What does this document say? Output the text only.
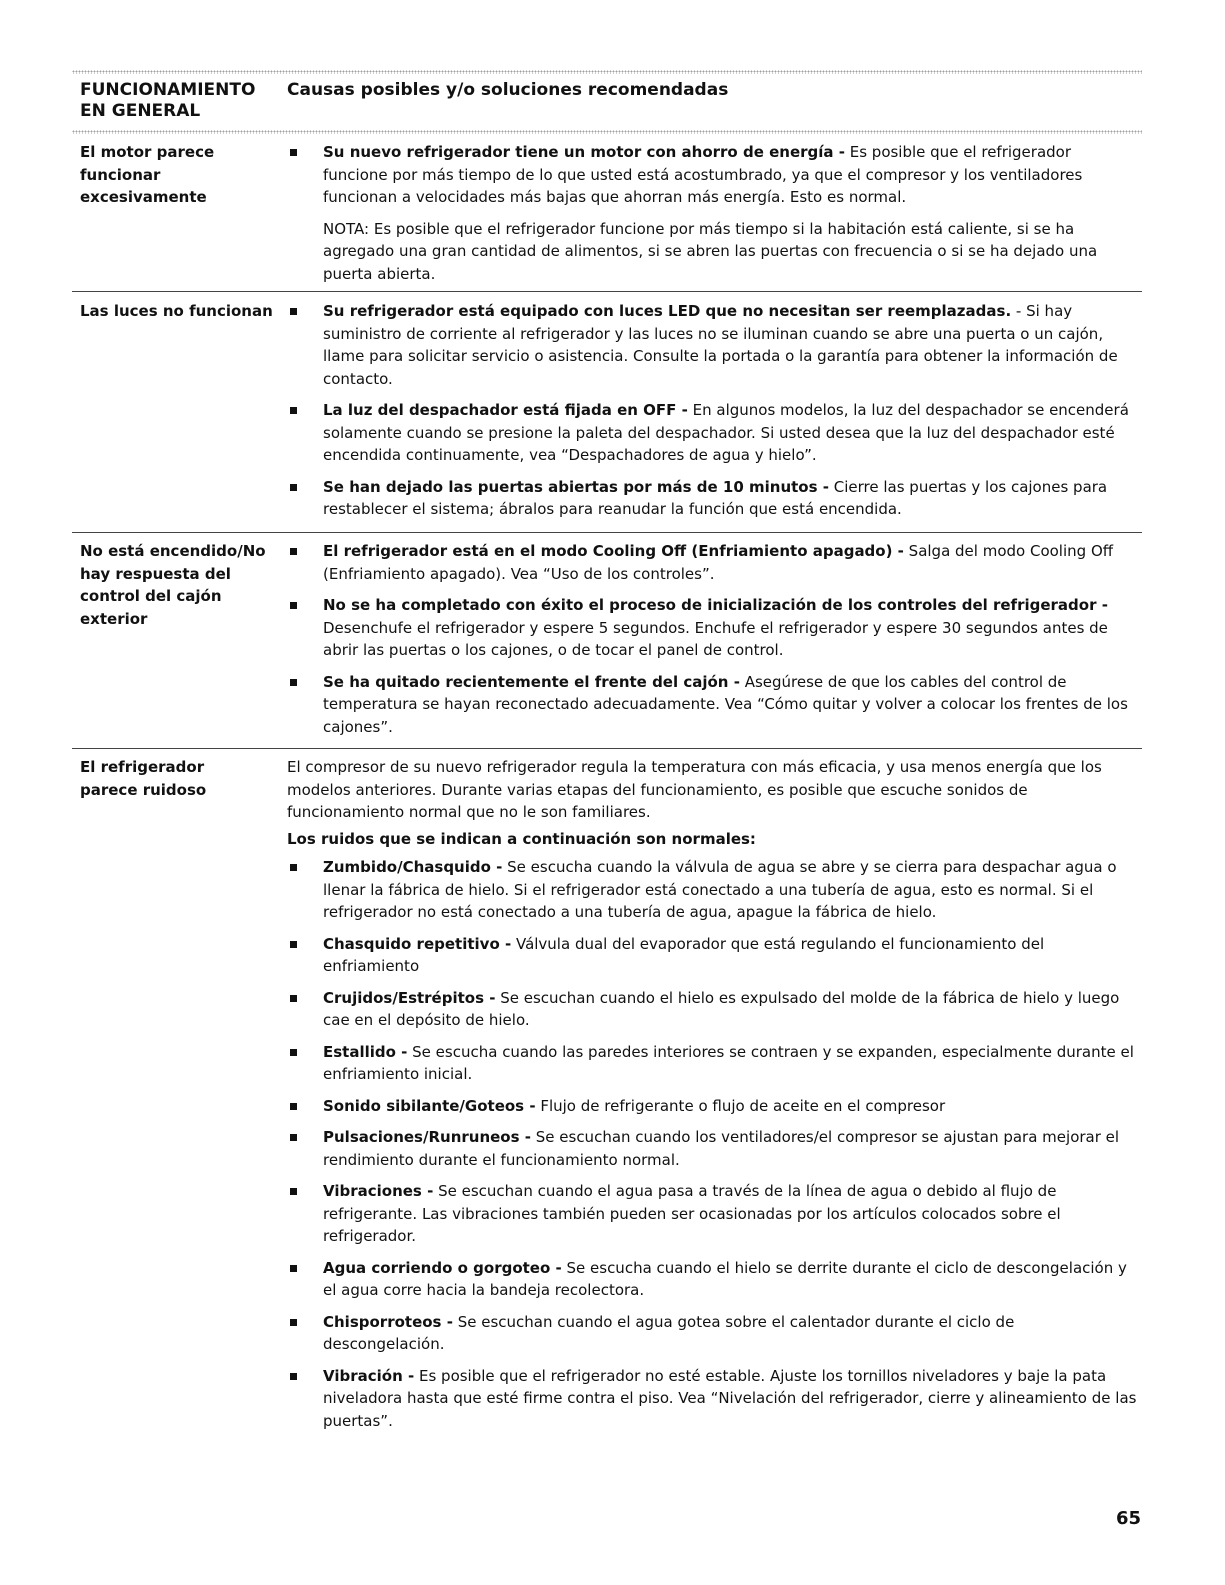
FUNCIONAMIENTO
EN GENERAL
Causas posibles y/o soluciones recomendadas
El motor parece
funcionar
excesivamente
Su nuevo refrigerador tiene un motor con ahorro de energía - Es posible que el refrigerador funcione por más tiempo de lo que usted está acostumbrado, ya que el compresor y los ventiladores funcionan a velocidades más bajas que ahorran más energía. Esto es normal.
NOTA: Es posible que el refrigerador funcione por más tiempo si la habitación está caliente, si se ha agregado una gran cantidad de alimentos, si se abren las puertas con frecuencia o si se ha dejado una puerta abierta.
Las luces no funcionan	Su refrigerador está equipado con luces LED que no necesitan ser reemplazadas. - Si hay suministro de corriente al refrigerador y las luces no se iluminan cuando se abre una puerta o un cajón, llame para solicitar servicio o asistencia. Consulte la portada o la garantía para obtener la información de contacto.
La luz del despachador está fijada en OFF - En algunos modelos, la luz del despachador se encenderá solamente cuando se presione la paleta del despachador. Si usted desea que la luz del despachador esté encendida continuamente, vea “Despachadores de agua y hielo”.
Se han dejado las puertas abiertas por más de 10 minutos - Cierre las puertas y los cajones para restablecer el sistema; ábralos para reanudar la función que está encendida.
No está encendido/No
hay respuesta del
control del cajón
exterior
El refrigerador está en el modo Cooling Off (Enfriamiento apagado) - Salga del modo Cooling Off (Enfriamiento apagado). Vea “Uso de los controles”.
No se ha completado con éxito el proceso de inicialización de los controles del refrigerador - Desenchufe el refrigerador y espere 5 segundos. Enchufe el refrigerador y espere 30 segundos antes de abrir las puertas o los cajones, o de tocar el panel de control.
Se ha quitado recientemente el frente del cajón - Asegúrese de que los cables del control de temperatura se hayan reconectado adecuadamente. Vea “Cómo quitar y volver a colocar los frentes de los cajones”.
El refrigerador
parece ruidoso
El compresor de su nuevo refrigerador regula la temperatura con más eficacia, y usa menos energía que los modelos anteriores. Durante varias etapas del funcionamiento, es posible que escuche sonidos de funcionamiento normal que no le son familiares.
Los ruidos que se indican a continuación son normales:
Zumbido/Chasquido - Se escucha cuando la válvula de agua se abre y se cierra para despachar agua o llenar la fábrica de hielo. Si el refrigerador está conectado a una tubería de agua, esto es normal. Si el refrigerador no está conectado a una tubería de agua, apague la fábrica de hielo.
Chasquido repetitivo - Válvula dual del evaporador que está regulando el funcionamiento del enfriamiento
Crujidos/Estrépitos - Se escuchan cuando el hielo es expulsado del molde de la fábrica de hielo y luego cae en el depósito de hielo.
Estallido - Se escucha cuando las paredes interiores se contraen y se expanden, especialmente durante el enfriamiento inicial.
Sonido sibilante/Goteos - Flujo de refrigerante o flujo de aceite en el compresor
Pulsaciones/Runruneos - Se escuchan cuando los ventiladores/el compresor se ajustan para mejorar el rendimiento durante el funcionamiento normal.
Vibraciones - Se escuchan cuando el agua pasa a través de la línea de agua o debido al flujo de refrigerante. Las vibraciones también pueden ser ocasionadas por los artículos colocados sobre el refrigerador.
Agua corriendo o gorgoteo - Se escucha cuando el hielo se derrite durante el ciclo de descongelación y el agua corre hacia la bandeja recolectora.
Chisporroteos - Se escuchan cuando el agua gotea sobre el calentador durante el ciclo de descongelación.
Vibración - Es posible que el refrigerador no esté estable. Ajuste los tornillos niveladores y baje la pata niveladora hasta que esté firme contra el piso. Vea “Nivelación del refrigerador, cierre y alineamiento de las puertas”.
65
